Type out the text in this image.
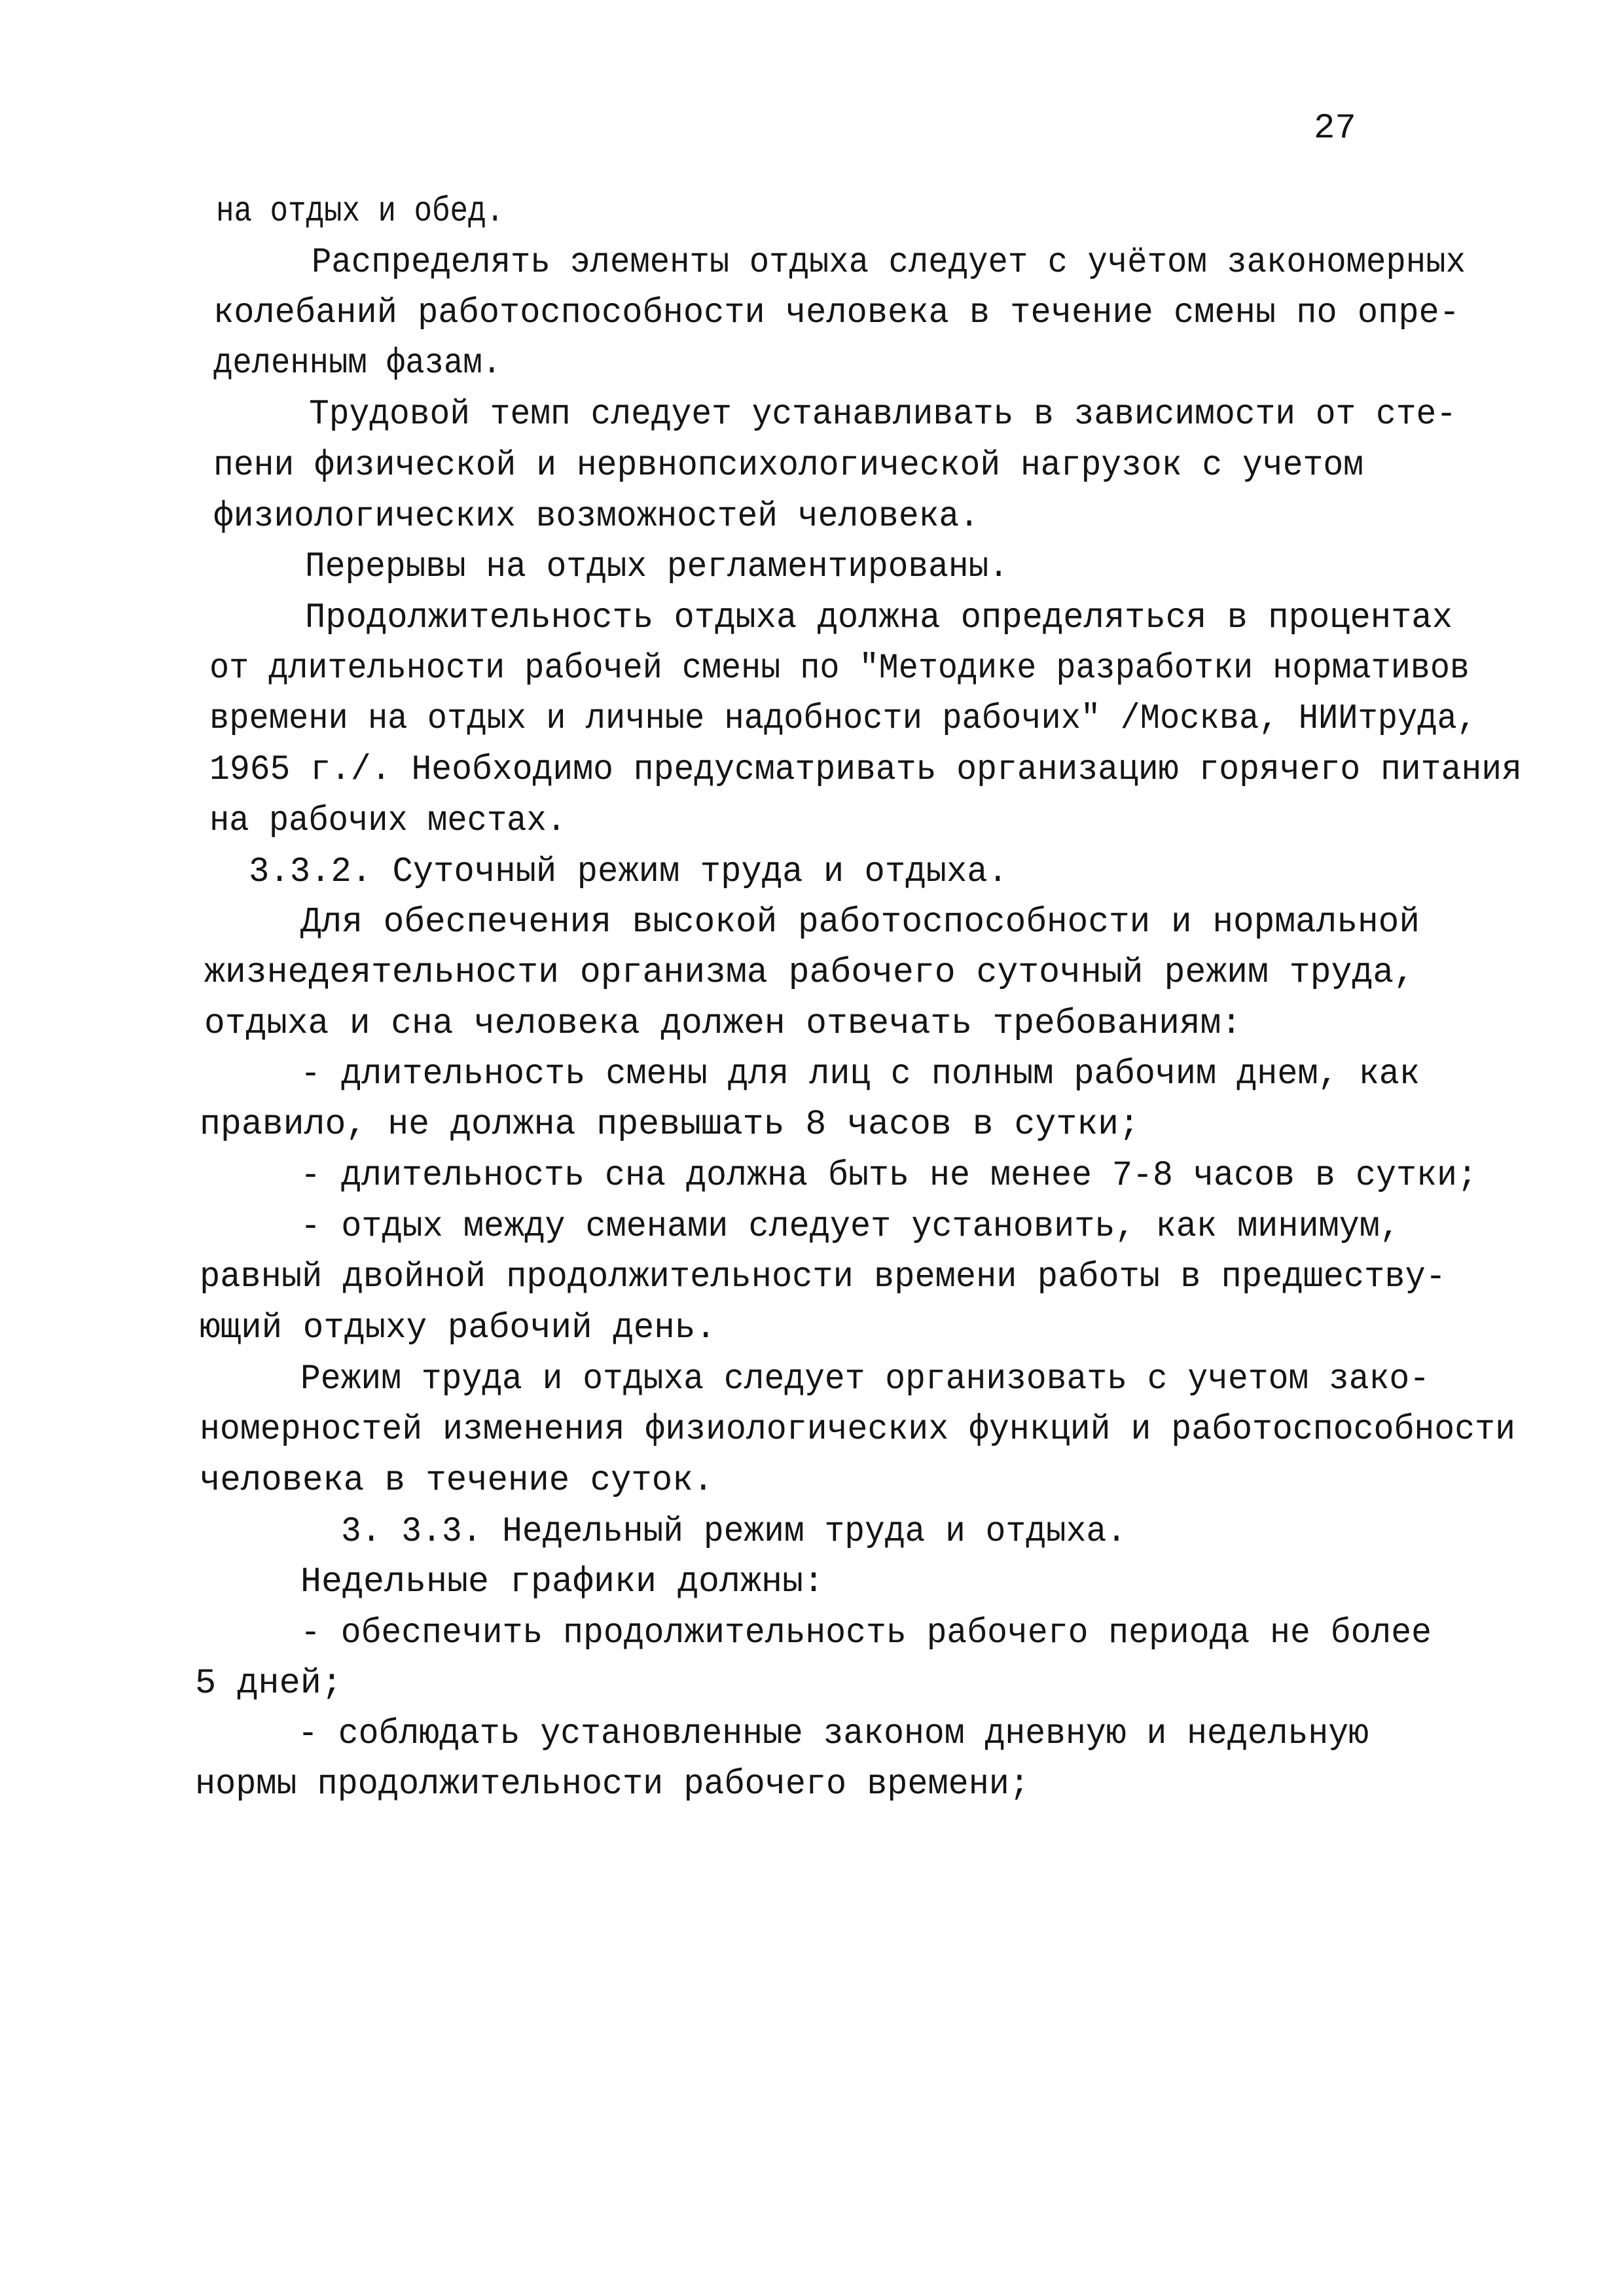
27
на отдых и обед.
Распределять элементы отдыха следует с учётом закономерных
колебаний работоспособности человека в течение смены по опре-
деленным фазам.
Трудовой темп следует устанавливать в зависимости от сте-
пени физической и нервнопсихологической нагрузок с учетом
физиологических возможностей человека.
Перерывы на отдых регламентированы.
Продолжительность отдыха должна определяться в процентах
от длительности рабочей смены по "Методике разработки нормативов
времени на отдых и личные надобности рабочих" /Москва, НИИтруда,
1965 г./. Необходимо предусматривать организацию горячего питания
на рабочих местах.
3.3.2. Суточный режим труда и отдыха.
Для обеспечения высокой работоспособности и нормальной
жизнедеятельности организма рабочего суточный режим труда,
отдыха и сна человека должен отвечать требованиям:
- длительность смены для лиц с полным рабочим днем, как
правило, не должна превышать 8 часов в сутки;
- длительность сна должна быть не менее 7-8 часов в сутки;
- отдых между сменами следует установить, как минимум,
равный двойной продолжительности времени работы в предшеству-
ющий отдыху рабочий день.
Режим труда и отдыха следует организовать с учетом зако-
номерностей изменения физиологических функций и работоспособности
человека в течение суток.
3. 3.3. Недельный режим труда и отдыха.
Недельные графики должны:
- обеспечить продолжительность рабочего периода не более
5 дней;
- соблюдать установленные законом дневную и недельную
нормы продолжительности рабочего времени;
